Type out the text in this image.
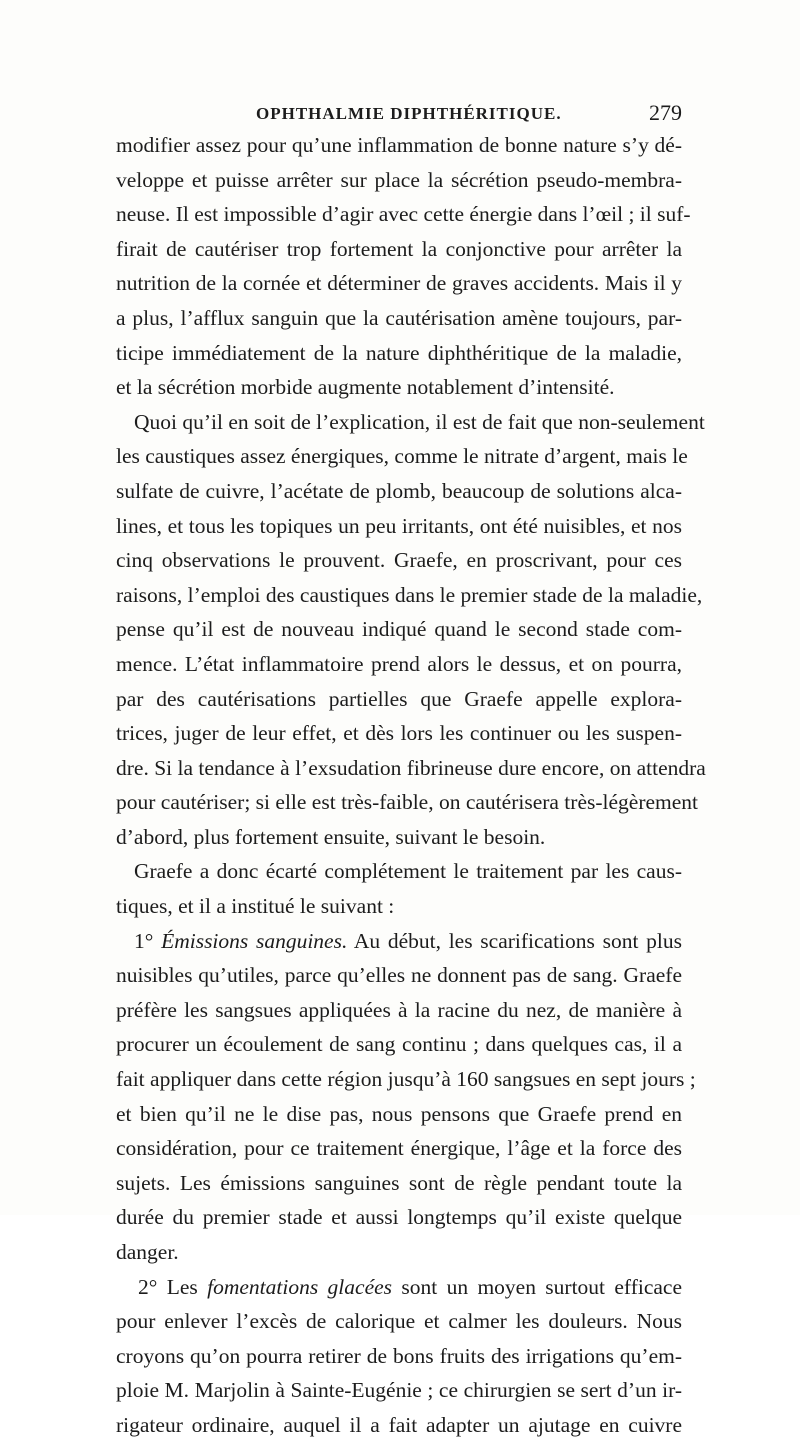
OPHTHALMIE DIPHTHÉRITIQUE.	279
modifier assez pour qu’une inflammation de bonne nature s’y dé-
veloppe et puisse arrêter sur place la sécrétion pseudo-membra-
neuse. Il est impossible d’agir avec cette énergie dans l’œil ; il suf-
firait de cautériser trop fortement la conjonctive pour arrêter la
nutrition de la cornée et déterminer de graves accidents. Mais il y
a plus, l’afflux sanguin que la cautérisation amène toujours, par-
ticipe immédiatement de la nature diphthéritique de la maladie,
et la sécrétion morbide augmente notablement d’intensité.
Quoi qu’il en soit de l’explication, il est de fait que non-seulement
les caustiques assez énergiques, comme le nitrate d’argent, mais le
sulfate de cuivre, l’acétate de plomb, beaucoup de solutions alca-
lines, et tous les topiques un peu irritants, ont été nuisibles, et nos
cinq observations le prouvent. Graefe, en proscrivant, pour ces
raisons, l’emploi des caustiques dans le premier stade de la maladie,
pense qu’il est de nouveau indiqué quand le second stade com-
mence. L’état inflammatoire prend alors le dessus, et on pourra,
par des cautérisations partielles que Graefe appelle explora-
trices, juger de leur effet, et dès lors les continuer ou les suspen-
dre. Si la tendance à l’exsudation fibrineuse dure encore, on attendra
pour cautériser; si elle est très-faible, on cautérisera très-légèrement
d’abord, plus fortement ensuite, suivant le besoin.
Graefe a donc écarté complétement le traitement par les caus-
tiques, et il a institué le suivant :
1° Émissions sanguines. Au début, les scarifications sont plus
nuisibles qu’utiles, parce qu’elles ne donnent pas de sang. Graefe
préfère les sangsues appliquées à la racine du nez, de manière à
procurer un écoulement de sang continu ; dans quelques cas, il a
fait appliquer dans cette région jusqu’à 160 sangsues en sept jours ;
et bien qu’il ne le dise pas, nous pensons que Graefe prend en
considération, pour ce traitement énergique, l’âge et la force des
sujets. Les émissions sanguines sont de règle pendant toute la
durée du premier stade et aussi longtemps qu’il existe quelque
danger.
2° Les fomentations glacées sont un moyen surtout efficace
pour enlever l’excès de calorique et calmer les douleurs. Nous
croyons qu’on pourra retirer de bons fruits des irrigations qu’em-
ploie M. Marjolin à Sainte-Eugénie ; ce chirurgien se sert d’un ir-
rigateur ordinaire, auquel il a fait adapter un ajutage en cuivre
